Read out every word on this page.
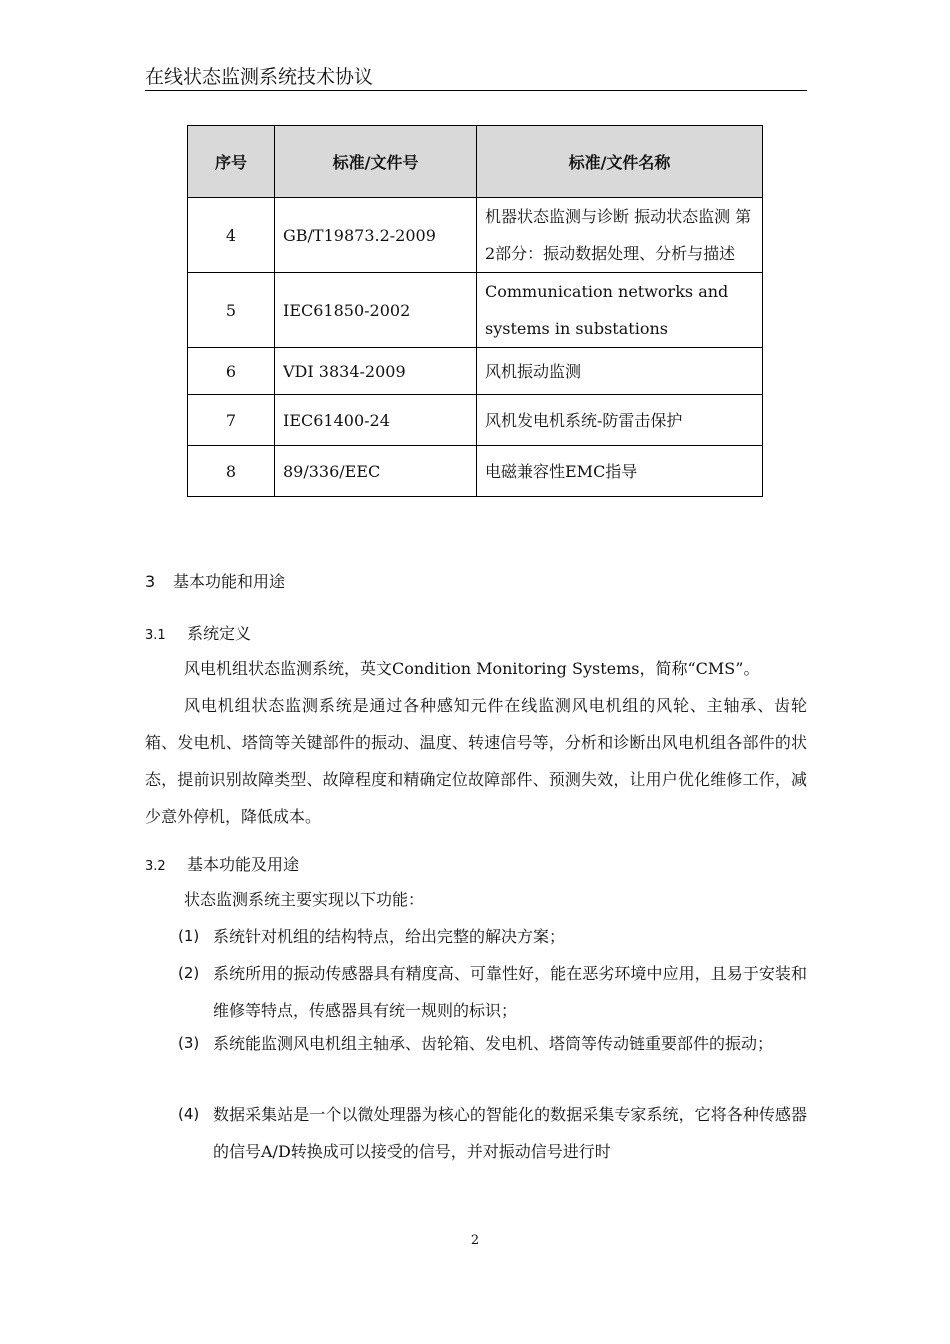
在线状态监测系统技术协议
序号	标准/文件号	标准/文件名称
4	GB/T19873.2-2009	机器状态监测与诊断 振动状态监测 第2部分：振动数据处理、分析与描述
5	IEC61850-2002	Communication networks and systems in substations
6	VDI 3834-2009	风机振动监测
7	IEC61400-24	风机发电机系统-防雷击保护
8	89/336/EEC	电磁兼容性EMC指导
3 基本功能和用途
3.1 系统定义
风电机组状态监测系统，英文Condition Monitoring Systems，简称“CMS”。
风电机组状态监测系统是通过各种感知元件在线监测风电机组的风轮、主轴承、齿轮箱、发电机、塔筒等关键部件的振动、温度、转速信号等，分析和诊断出风电机组各部件的状态，提前识别故障类型、故障程度和精确定位故障部件、预测失效，让用户优化维修工作，减少意外停机，降低成本。
3.2 基本功能及用途
状态监测系统主要实现以下功能：
(1) 系统针对机组的结构特点，给出完整的解决方案；
(2) 系统所用的振动传感器具有精度高、可靠性好，能在恶劣环境中应用，且易于安装和维修等特点，传感器具有统一规则的标识；
(3) 系统能监测风电机组主轴承、齿轮箱、发电机、塔筒等传动链重要部件的振动；
(4) 数据采集站是一个以微处理器为核心的智能化的数据采集专家系统，它将各种传感器的信号A/D转换成可以接受的信号，并对振动信号进行时
2
